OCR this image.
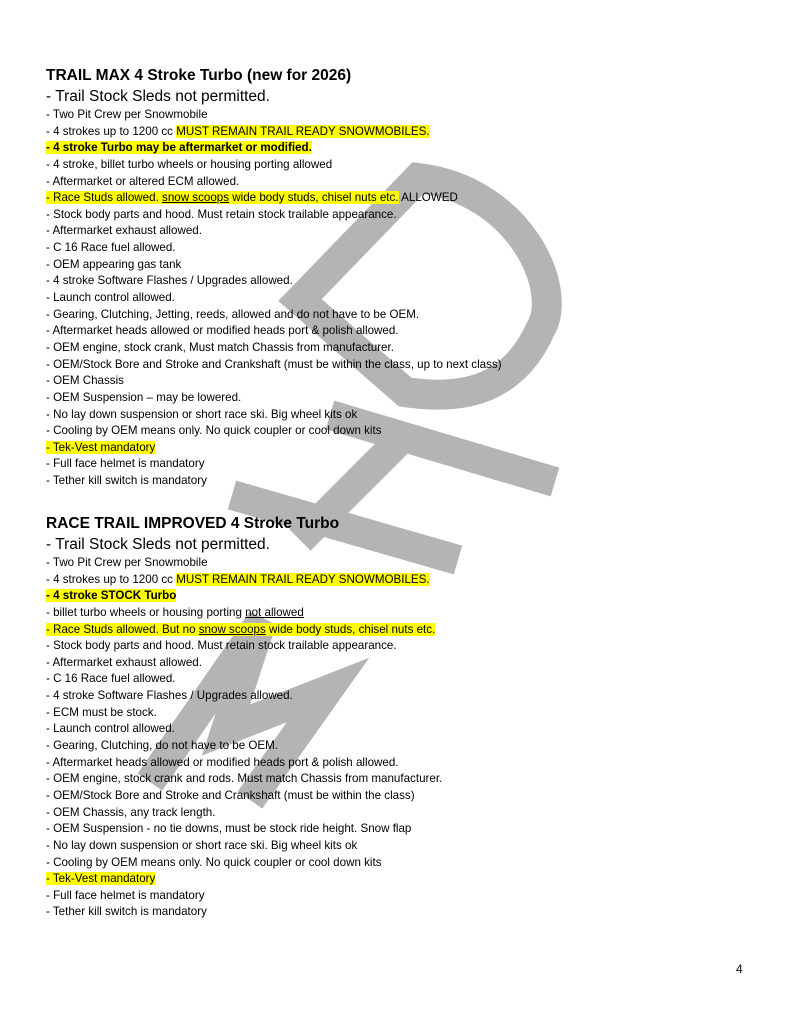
TRAIL MAX 4 Stroke Turbo (new for 2026)
- Trail Stock Sleds not permitted.
- Two Pit Crew per Snowmobile
- 4 strokes up to 1200 cc MUST REMAIN TRAIL READY SNOWMOBILES.
- 4 stroke Turbo may be aftermarket or modified.
- 4 stroke, billet turbo wheels or housing porting allowed
- Aftermarket or altered ECM allowed.
- Race Studs allowed. snow scoops wide body studs, chisel nuts etc. ALLOWED
- Stock body parts and hood. Must retain stock trailable appearance.
- Aftermarket exhaust allowed.
- C 16 Race fuel allowed.
- OEM appearing gas tank
- 4 stroke Software Flashes / Upgrades allowed.
- Launch control allowed.
- Gearing, Clutching, Jetting, reeds, allowed and do not have to be OEM.
- Aftermarket heads allowed or modified heads port & polish allowed.
- OEM engine, stock crank, Must match Chassis from manufacturer.
- OEM/Stock Bore and Stroke and Crankshaft (must be within the class, up to next class)
- OEM Chassis
- OEM Suspension – may be lowered.
- No lay down suspension or short race ski. Big wheel kits ok
- Cooling by OEM means only. No quick coupler or cool down kits
- Tek-Vest mandatory
- Full face helmet is mandatory
- Tether kill switch is mandatory
RACE TRAIL IMPROVED 4 Stroke Turbo
- Trail Stock Sleds not permitted.
- Two Pit Crew per Snowmobile
- 4 strokes up to 1200 cc MUST REMAIN TRAIL READY SNOWMOBILES.
- 4 stroke STOCK Turbo
- billet turbo wheels or housing porting not allowed
- Race Studs allowed. But no snow scoops wide body studs, chisel nuts etc.
- Stock body parts and hood. Must retain stock trailable appearance.
- Aftermarket exhaust allowed.
- C 16 Race fuel allowed.
- 4 stroke Software Flashes / Upgrades allowed.
- ECM must be stock.
- Launch control allowed.
- Gearing, Clutching, do not have to be OEM.
- Aftermarket heads allowed or modified heads port & polish allowed.
- OEM engine, stock crank and rods. Must match Chassis from manufacturer.
- OEM/Stock Bore and Stroke and Crankshaft (must be within the class)
- OEM Chassis, any track length.
- OEM Suspension - no tie downs, must be stock ride height. Snow flap
- No lay down suspension or short race ski. Big wheel kits ok
- Cooling by OEM means only. No quick coupler or cool down kits
- Tek-Vest mandatory
- Full face helmet is mandatory
- Tether kill switch is mandatory
4
